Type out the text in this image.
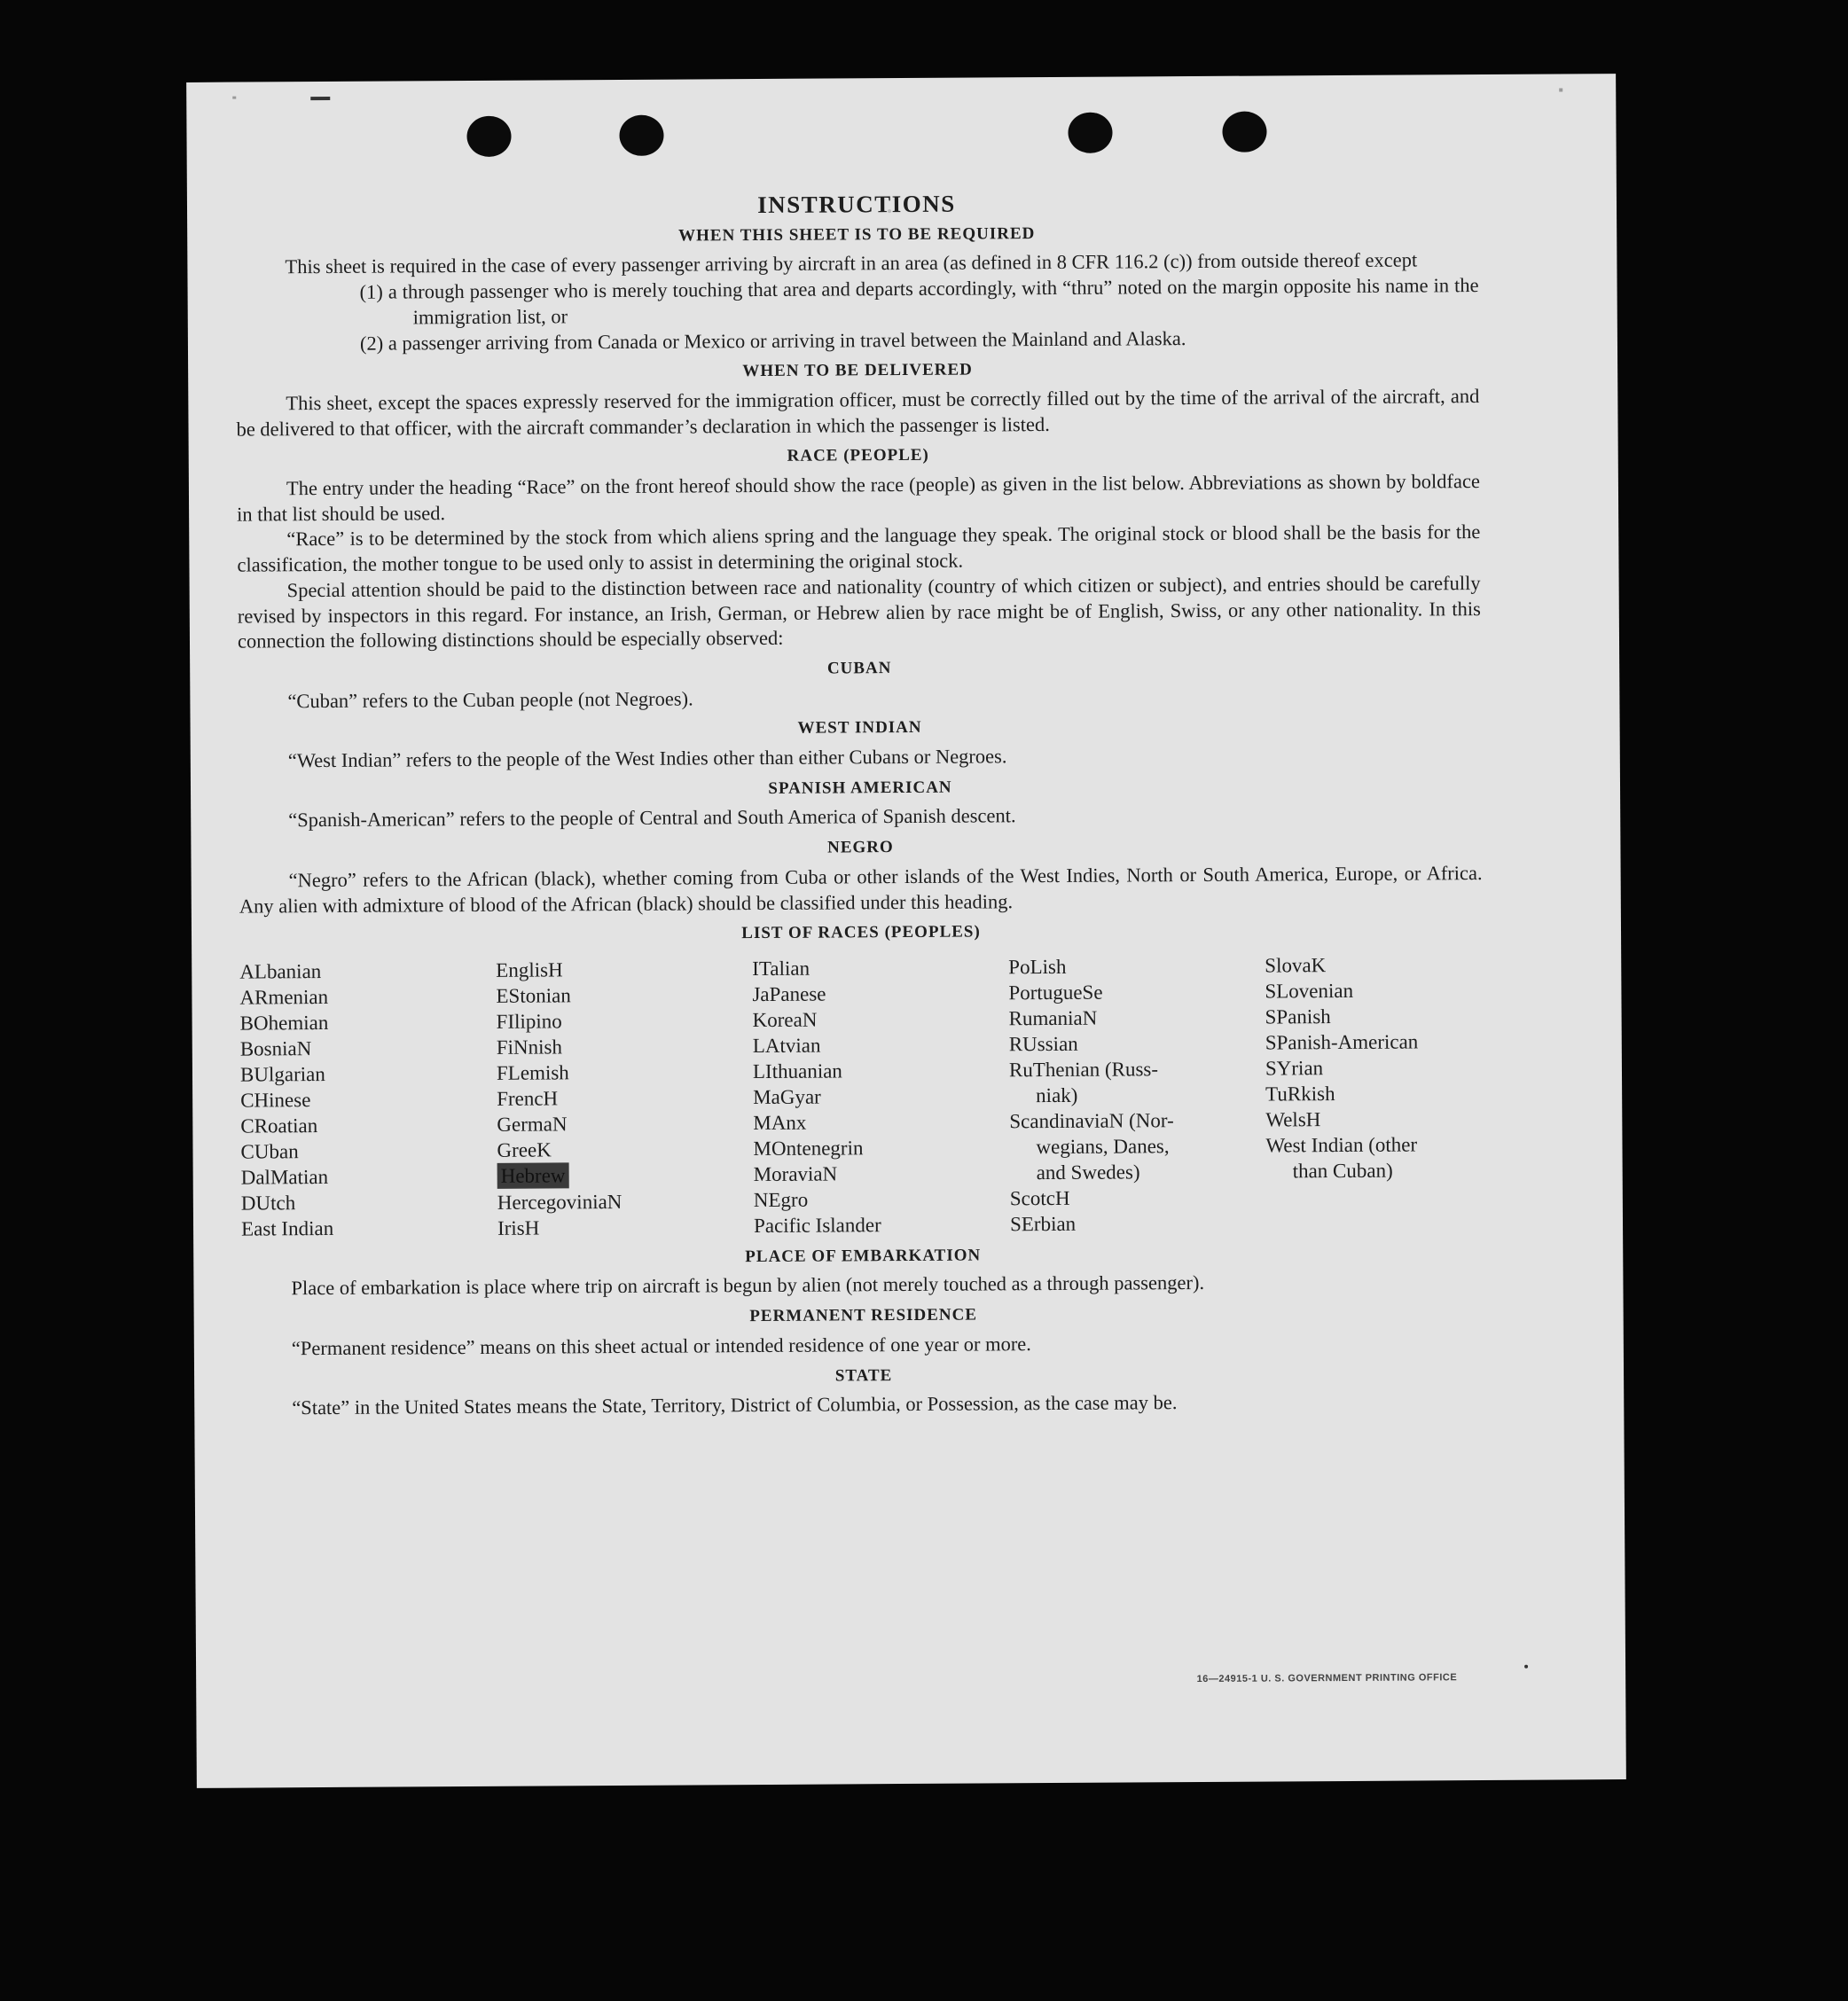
INSTRUCTIONS
WHEN THIS SHEET IS TO BE REQUIRED

This sheet is required in the case of every passenger arriving by aircraft in an area (as defined in 8 CFR 116.2 (c)) from outside thereof except

(1) a through passenger who is merely touching that area and departs accordingly, with “thru” noted on the margin opposite his name in the immigration list, or
(2) a passenger arriving from Canada or Mexico or arriving in travel between the Mainland and Alaska.
WHEN TO BE DELIVERED

This sheet, except the spaces expressly reserved for the immigration officer, must be correctly filled out by the time of the arrival of the aircraft, and be delivered to that officer, with the aircraft commander’s declaration in which the passenger is listed.

RACE (PEOPLE)

The entry under the heading “Race” on the front hereof should show the race (people) as given in the list below. Abbreviations as shown by boldface in that list should be used.

“Race” is to be determined by the stock from which aliens spring and the language they speak. The original stock or blood shall be the basis for the classification, the mother tongue to be used only to assist in determining the original stock.

Special attention should be paid to the distinction between race and nationality (country of which citizen or subject), and entries should be carefully revised by inspectors in this regard. For instance, an Irish, German, or Hebrew alien by race might be of English, Swiss, or any other nationality. In this connection the following distinctions should be especially observed:

CUBAN

“Cuban” refers to the Cuban people (not Negroes).

WEST INDIAN

“West Indian” refers to the people of the West Indies other than either Cubans or Negroes.

SPANISH AMERICAN

“Spanish-American” refers to the people of Central and South America of Spanish descent.

NEGRO

“Negro” refers to the African (black), whether coming from Cuba or other islands of the West Indies, North or South America, Europe, or Africa. Any alien with admixture of blood of the African (black) should be classified under this heading.

LIST OF RACES (PEOPLES)
ALbanian
ARmenian
BOhemian
BosniaN
BUlgarian
CHinese
CRoatian
CUban
DalMatian
DUtch
East Indian
EnglisH
EStonian
FIlipino
FiNnish
FLemish
FrencH
GermaN
GreeK
Hebrew
HercegoviniaN
IrisH
ITalian
JaPanese
KoreaN
LAtvian
LIthuanian
MaGyar
MAnx
MOntenegrin
MoraviaN
NEgro
Pacific Islander
PoLish
PortugueSe
RumaniaN
RUssian
RuThenian (Russ-
niak)
ScandinaviaN (Nor-
wegians, Danes,
and Swedes)
ScotcH
SErbian
SlovaK
SLovenian
SPanish
SPanish-American
SYrian
TuRkish
WelsH
West Indian (other
than Cuban)
PLACE OF EMBARKATION

Place of embarkation is place where trip on aircraft is begun by alien (not merely touched as a through passenger).

PERMANENT RESIDENCE

“Permanent residence” means on this sheet actual or intended residence of one year or more.

STATE

“State” in the United States means the State, Territory, District of Columbia, or Possession, as the case may be.

16—24915-1 U. S. GOVERNMENT PRINTING OFFICE
